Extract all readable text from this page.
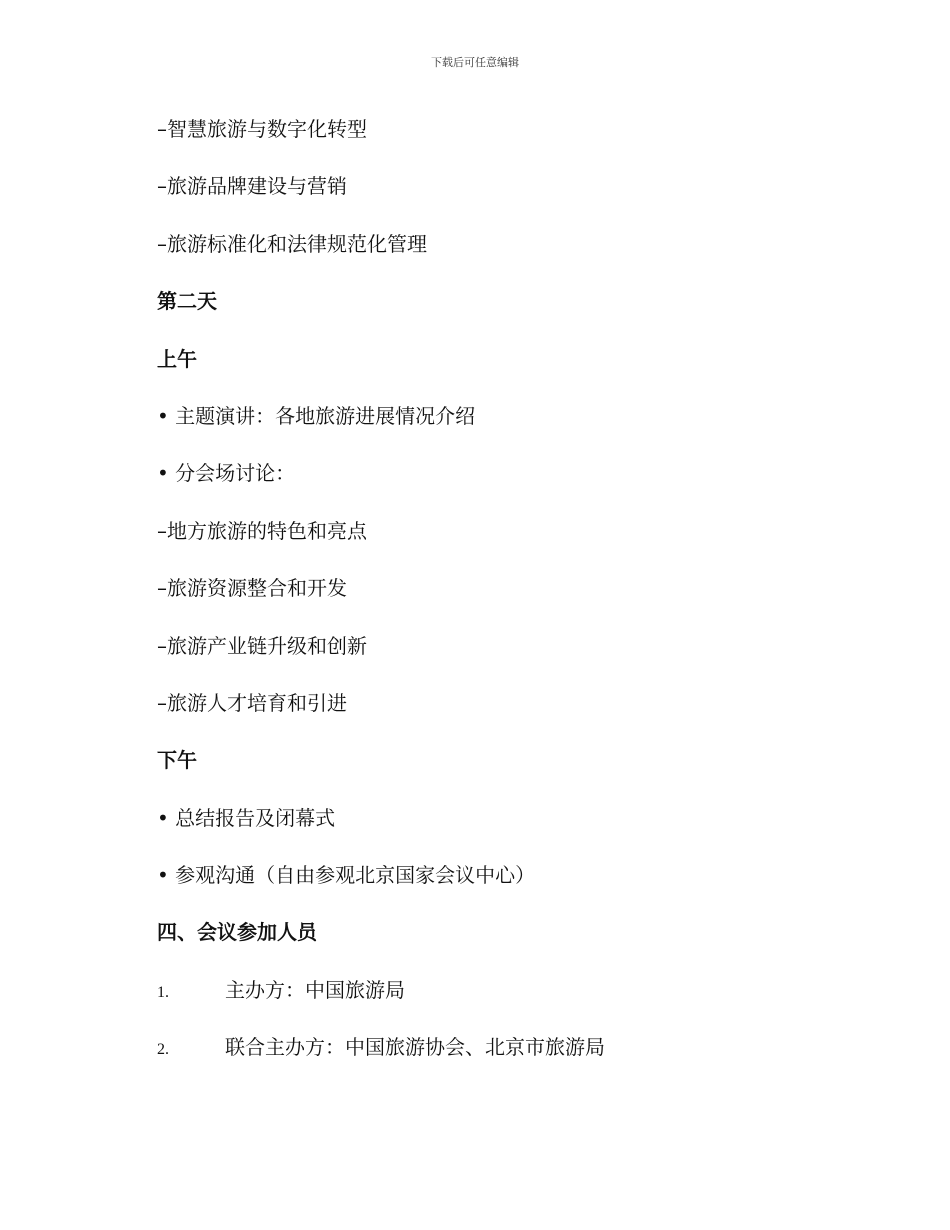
下载后可任意编辑
–智慧旅游与数字化转型
–旅游品牌建设与营销
–旅游标准化和法律规范化管理
第二天
上午
• 主题演讲：各地旅游进展情况介绍
• 分会场讨论：
–地方旅游的特色和亮点
–旅游资源整合和开发
–旅游产业链升级和创新
–旅游人才培育和引进
下午
• 总结报告及闭幕式
• 参观沟通（自由参观北京国家会议中心）
四、会议参加人员
1.	主办方：中国旅游局
2.	联合主办方：中国旅游协会、北京市旅游局
